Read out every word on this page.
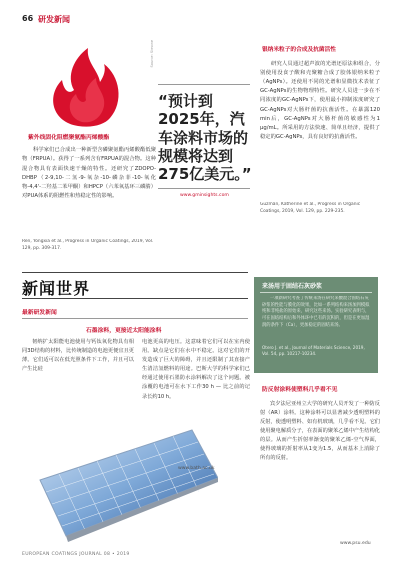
66 研发新闻
Source: Simone
紫外线固化阻燃聚氨酯丙烯酸酯
科学家们已合成出一种新型含磷聚氨酯丙烯酸酯低聚物（FRPUA）。获得了一系列含有FRPUA的混合物。这种混合物具有表面快速干燥的特性。还研究了ZDOPO-DHBP（2-9,10-二氢-9-氧杂-10-磷杂菲-10-氧化物-4,4'-二羟基二苯甲酮）和HPCP（六苯氧基环三磷腈）对PUA体系的阻燃性和热稳定性的影响。
Ren, Yongxia et al., Progress in Organic Coatings, 2019, Vol. 129, pp. 309-317.
“预计到2025年，汽车涂料市场的规模将达到275亿美元。”
www.gminsights.com
银纳米粒子的合成及抗菌活性
研究人员通过超声波的光谱还原法和组合，分别使用没食子酸和壳聚糖合成了胶体银纳米粒子（AgNPs）。还使用不同的光谱和显微技术表征了GC-AgNPs的生物物理特性。研究人员进一步在不同浓度的GC-AgNPs下，使用最小抑制浓度研究了GC-AgNPs对大肠杆菌的抗菌活性。在暴露120 min后，GC-AgNPs对大肠杆菌的敏感性为1 μg/mL。所采用的方法快速、简单且经济，提供了稳定的GC-AgNPs，具有良好的抗菌活性。
Guzmán, Katherine et al., Progress in Organic Coatings, 2019, Vol. 129, pp. 229-235.
来汤用于固结石灰砂浆
一项新研究考查了传统来汤在研究来酸混合固结石灰砂浆的性能与膜化的效果，比如一系列结构来汤加到模拟纯和非纯盐的原始来，研究这些来汤。实验研究表明与，可在固结结构后和外体环中已有的沉积的，但是在更加湿润的条件下（Ca），更加稳定的固结来汤。
Otero J. et al., Journal of Materials Science, 2019, Vol. 54, pp. 10217-10234.
新闻世界
最新研发新闻
石墨涂料，更接近太阳能涂料
韧纳扩太阳能电池使用与钙钛氧化物具有相同3D结构的材料，比传统制造的电池更便宜且更薄。它们适可以在低光照条件下工作，并且可以产生比硅
电池更高的电压。这意味着它们可以在室内使用。缺点是它们在水中不稳定。这对它们的开发造成了巨大的障碍，并且还限制了其直接产生清洁氢燃料的用途。巴斯大学的科学家们已经通过使用石墨防水涂料解决了这个问题。被涂覆的电池可在水下工作30 h — 比之前的记录长约10 h。
www.bath.ac.uk
防反射涂料使塑料几乎看不见
宾夕法尼亚州立大学的研究人员开发了一种防反射（AR）涂料。这种涂料可以显著减少透明塑料的反射，使透明塑料、如有机玻璃，几乎看不见。它们使用聚电解质分子，在表面的聚苯乙烯中产生结构化的层。从而产生折射率渐变的聚苯乙烯-空气界面，使得玻璃的折射率从1变为1.5，从而基本上消除了所有的反射。
www.psu.edu
EUROPEAN COATINGS JOURNAL 08 • 2019
